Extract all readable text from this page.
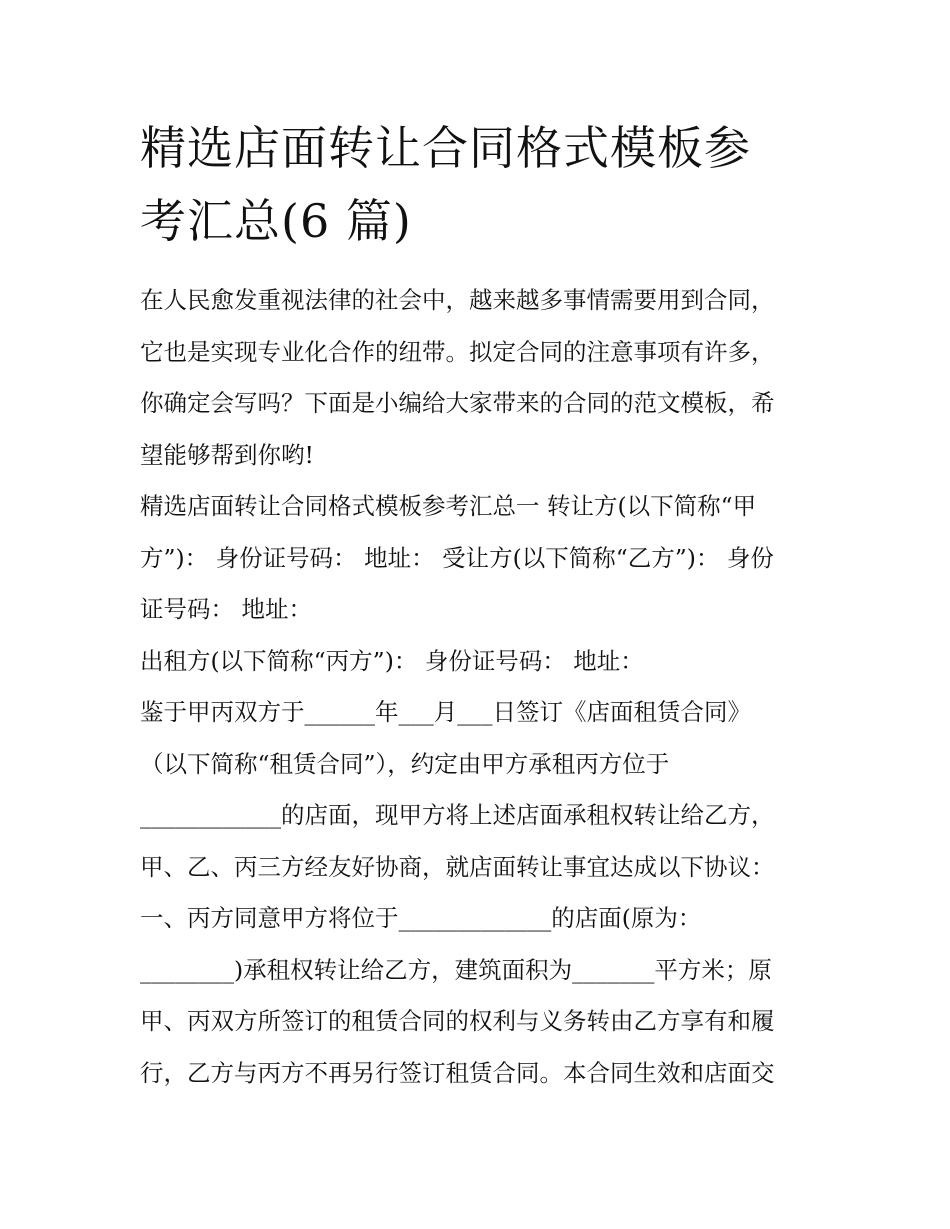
精选店面转让合同格式模板参
考汇总(6 篇)
在人民愈发重视法律的社会中，越来越多事情需要用到合同，
它也是实现专业化合作的纽带。拟定合同的注意事项有许多，
你确定会写吗？下面是小编给大家带来的合同的范文模板，希
望能够帮到你哟!
精选店面转让合同格式模板参考汇总一 转让方(以下简称“甲
方”)： 身份证号码： 地址： 受让方(以下简称“乙方”)： 身份
证号码： 地址：
出租方(以下简称“丙方”)： 身份证号码： 地址：
鉴于甲丙双方于______年___月___日签订《店面租赁合同》
（以下简称“租赁合同”），约定由甲方承租丙方位于
____________的店面，现甲方将上述店面承租权转让给乙方，
甲、乙、丙三方经友好协商，就店面转让事宜达成以下协议：
一、丙方同意甲方将位于_____________的店面(原为：
________)承租权转让给乙方，建筑面积为_______平方米；原
甲、丙双方所签订的租赁合同的权利与义务转由乙方享有和履
行，乙方与丙方不再另行签订租赁合同。本合同生效和店面交
